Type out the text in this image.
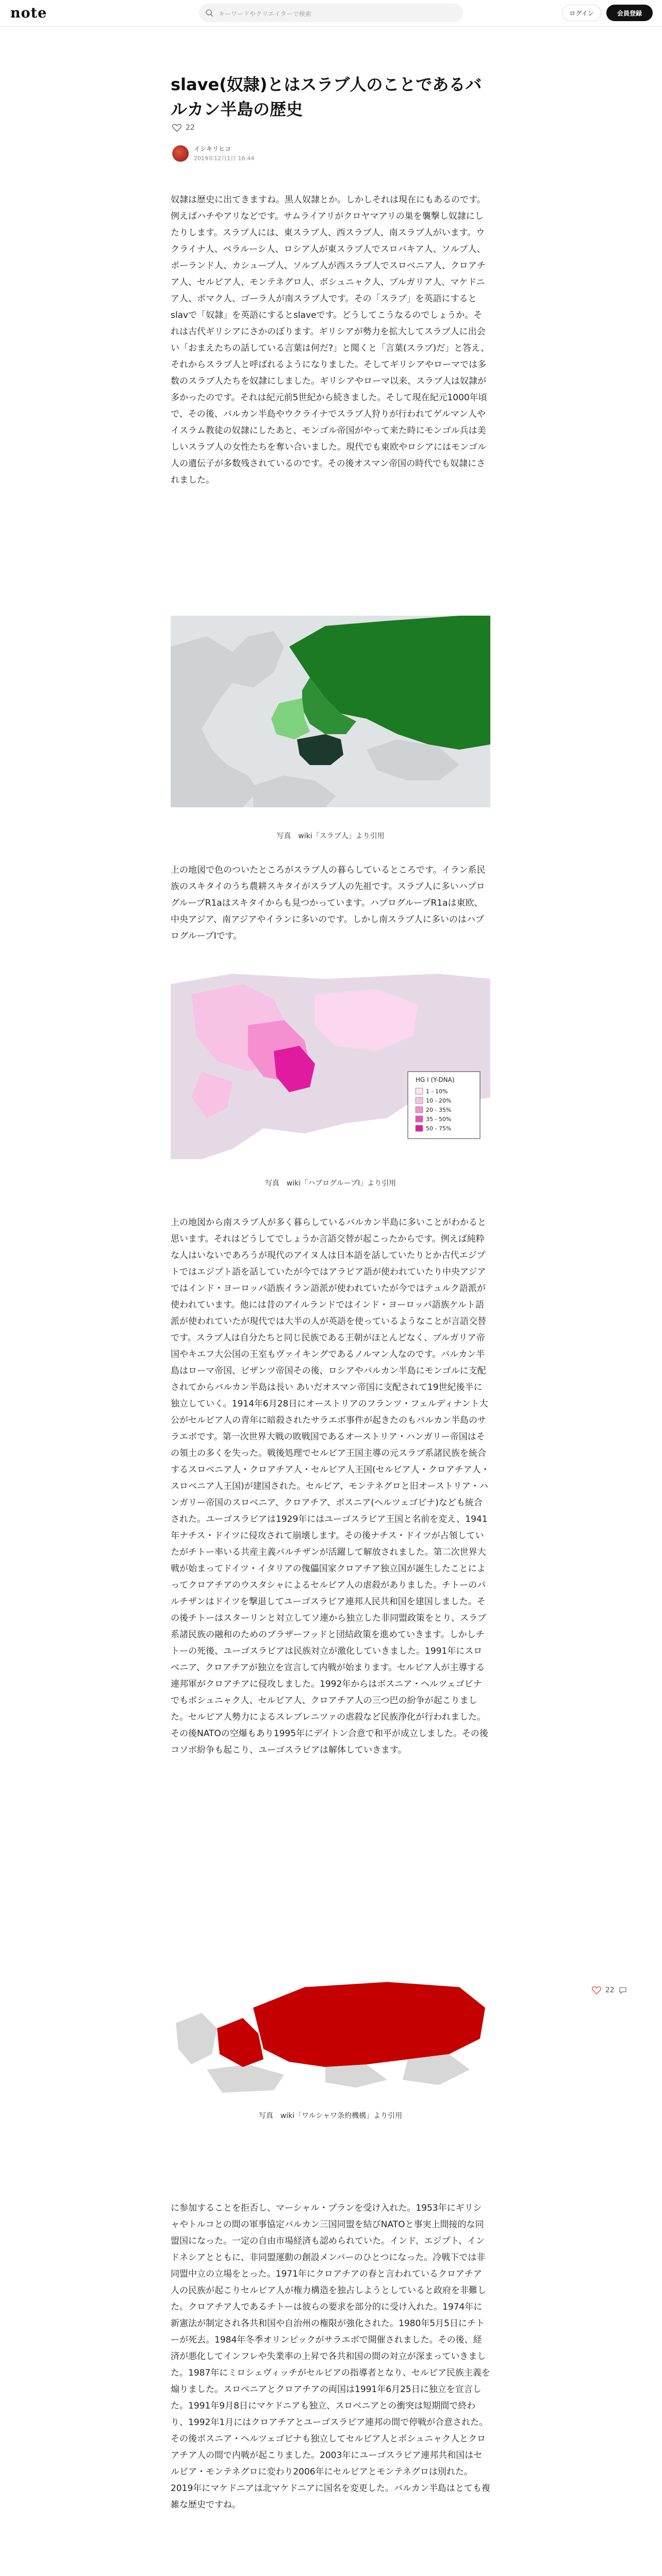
note	キーワードやクリエイターで検索	ログイン	会員登録
slave(奴隷)とはスラブ人のことであるバルカン半島の歴史
22
イシキリヒコ
2019年12月1日 16:44

奴隷は歴史に出てきますね。黒人奴隷とか。しかしそれは現在にもあるのです。例えばハチやアリなどです。サムライアリがクロヤマアリの巣を襲撃し奴隷にしたりします。スラブ人には、東スラブ人、西スラブ人、南スラブ人がいます。ウクライナ人、ベラルーシ人、ロシア人が東スラブ人でスロバキア人、ソルブ人、ポーランド人、カシューブ人、ソルブ人が西スラブ人でスロベニア人、クロアチア人、セルビア人、モンテネグロ人、ボシュニャク人、ブルガリア人、マケドニア人、ポマク人、ゴーラ人が南スラブ人です。その「スラブ」を英語にするとslavで「奴隷」を英語にするとslaveです。どうしてこうなるのでしょうか。それは古代ギリシアにさかのぼります。ギリシアが勢力を拡大してスラブ人に出会い「おまえたちの話している言葉は何だ?」と聞くと「言葉(スラブ)だ」と答え、それからスラブ人と呼ばれるようになりました。そしてギリシアやローマでは多数のスラブ人たちを奴隷にしました。ギリシアやローマ以来、スラブ人は奴隷が多かったのです。それは紀元前5世紀から続きました。そして現在紀元1000年頃で、その後、バルカン半島やウクライナでスラブ人狩りが行われてゲルマン人やイスラム教徒の奴隷にしたあと、モンゴル帝国がやって来た時にモンゴル兵は美しいスラブ人の女性たちを奪い合いました。現代でも東欧やロシアにはモンゴル人の遺伝子が多数残されているのです。その後オスマン帝国の時代でも奴隷にされました。

写真　wiki「スラブ人」より引用

上の地図で色のついたところがスラブ人の暮らしているところです。イラン系民族のスキタイのうち農耕スキタイがスラブ人の先祖です。スラブ人に多いハプログループR1aはスキタイからも見つかっています。ハプログループR1aは東欧、中央アジア、南アジアやイランに多いのです。しかし南スラブ人に多いのはハプログループIです。

HG I (Y-DNA)
1 - 10%
10 - 20%
20 - 35%
35 - 50%
50 - 75%
写真　wiki「ハプログループI」より引用

上の地図から南スラブ人が多く暮らしているバルカン半島に多いことがわかると思います。それはどうしてでしょうか言語交替が起こったからです。例えば純粋な人はいないであろうが現代のアイヌ人は日本語を話していたりとか古代エジプトではエジプト語を話していたが今ではアラビア語が使われていたり中央アジアではインド・ヨーロッパ語族イラン語派が使われていたが今ではテュルク語派が使われています。他には昔のアイルランドではインド・ヨーロッパ語族ケルト語派が使われていたが現代では大半の人が英語を使っているようなことが言語交替です。スラブ人は自分たちと同じ民族である王朝がほとんどなく、ブルガリア帝国やキエフ大公国の王室もヴァイキングであるノルマン人なのです。バルカン半島はローマ帝国、ビザンツ帝国その後、ロシアやバルカン半島にモンゴルに支配されてからバルカン半島は長い あいだオスマン帝国に支配されて19世紀後半に独立していく。1914年6月28日にオーストリアのフランツ・フェルディナント大公がセルビア人の青年に暗殺されたサラエボ事件が起きたのもバルカン半島のサラエボです。第一次世界大戦の敗戦国であるオーストリア・ハンガリー帝国はその領土の多くを失った。戦後処理でセルビア王国主導の元スラブ系諸民族を統合するスロベニア人・クロアチア人・セルビア人王国(セルビア人・クロアチア人・スロベニア人王国)が建国された。セルビア、モンテネグロと旧オーストリア・ハンガリー帝国のスロベニア、クロアチア、ボスニア(ヘルツェゴビナ)なども統合された。ユーゴスラビアは1929年にはユーゴスラビア王国と名前を変え、1941年ナチス・ドイツに侵攻されて崩壊します。その後ナチス・ドイツが占領していたがチトー率いる共産主義パルチザンが活躍して解放されました。第二次世界大戦が始まってドイツ・イタリアの傀儡国家クロアチア独立国が誕生したことによってクロアチアのウスタシャによるセルビア人の虐殺がありました。チトーのパルチザンはドイツを撃退してユーゴスラビア連邦人民共和国を建国しました。その後チトーはスターリンと対立してソ連から独立した非同盟政策をとり、スラブ系諸民族の融和のためのブラザーフッドと団結政策を進めていきます。しかしチトーの死後、ユーゴスラビアは民族対立が激化していきました。1991年にスロベニア、クロアチアが独立を宣言して内戦が始まります。セルビア人が主導する連邦軍がクロアチアに侵攻しました。1992年からはボスニア・ヘルツェゴビナでもボシュニャク人、セルビア人、クロアチア人の三つ巴の紛争が起こりました。セルビア人勢力によるスレブレニツァの虐殺など民族浄化が行われました。その後NATOの空爆もあり1995年にデイトン合意で和平が成立しました。その後コソボ紛争も起こり、ユーゴスラビアは解体していきます。

写真　wiki「ワルシャワ条約機構」より引用
22

に参加することを拒否し、マーシャル・プランを受け入れた。1953年にギリシャやトルコとの間の軍事協定バルカン三国同盟を結びNATOと事実上間接的な同盟国になった。一定の自由市場経済も認められていた。インド、エジプト、インドネシアとともに、非同盟運動の創設メンバーのひとつになった。冷戦下では非同盟中立の立場をとった。1971年にクロアチアの春と言われているクロアチア人の民族が起こりセルビア人が権力構造を独占しようとしていると政府を非難した。クロアチア人であるチトーは彼らの要求を部分的に受け入れた。1974年に新憲法が制定され各共和国や自治州の権限が強化された。1980年5月5日にチトーが死去。1984年冬季オリンピックがサラエボで開催されました。その後、経済が悪化してインフレや失業率の上昇で各共和国の間の対立が深まっていきました。1987年にミロシェヴィッチがセルビアの指導者となり、セルビア民族主義を煽りました。スロベニアとクロアチアの両国は1991年6月25日に独立を宣言した。1991年9月8日にマケドニアも独立、スロベニアとの衝突は短期間で終わり、1992年1月にはクロアチアとユーゴスラビア連邦の間で停戦が合意された。その後ボスニア・ヘルツェゴビナも独立してセルビア人とボシュニャク人とクロアチア人の間で内戦が起こりました。2003年にユーゴスラビア連邦共和国はセルビア・モンテネグロに変わり2006年にセルビアとモンテネグロは別れた。2019年にマケドニアは北マケドニアに国名を変更した。バルカン半島はとても複雑な歴史ですね。
